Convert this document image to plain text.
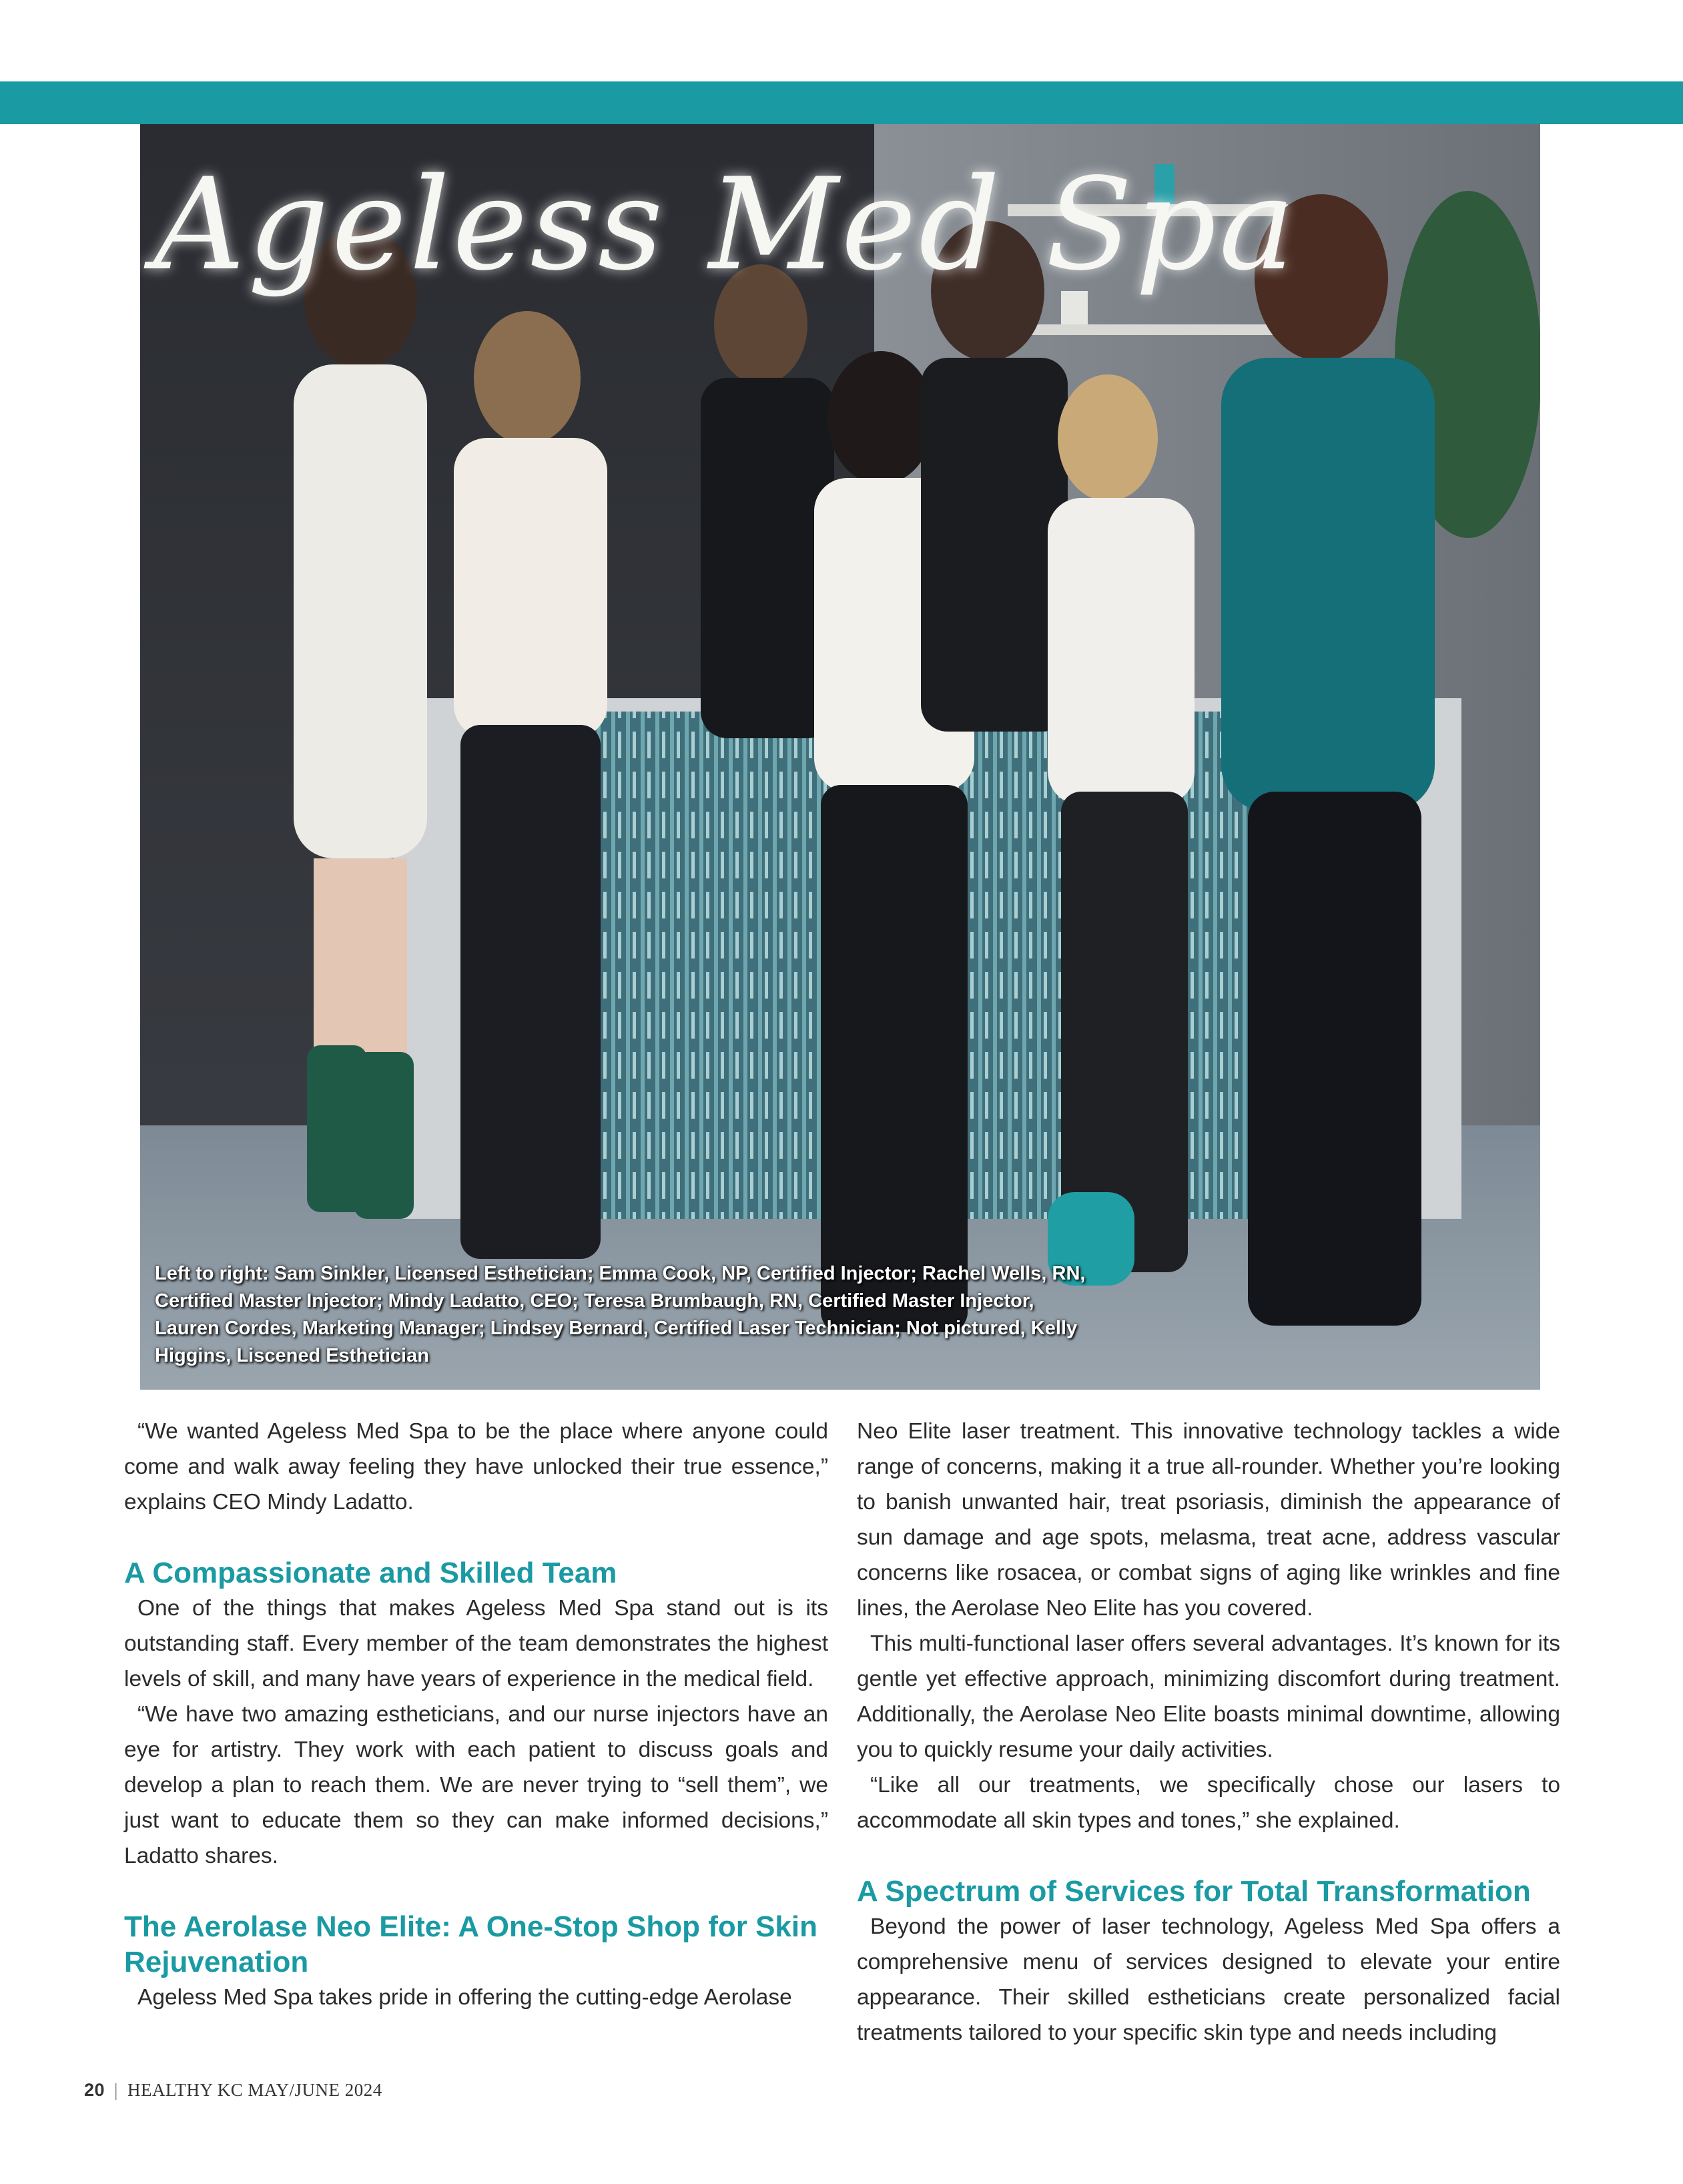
Ageless Med Spa
Left to right: Sam Sinkler, Licensed Esthetician; Emma Cook, NP, Certified Injector; Rachel Wells, RN, Certified Master Injector; Mindy Ladatto, CEO; Teresa Brumbaugh, RN, Certified Master Injector, Lauren Cordes, Marketing Manager; Lindsey Bernard, Certified Laser Technician; Not pictured, Kelly Higgins, Liscened Esthetician

“We wanted Ageless Med Spa to be the place where anyone could come and walk away feeling they have unlocked their true essence,” explains CEO Mindy Ladatto.

A Compassionate and Skilled Team

One of the things that makes Ageless Med Spa stand out is its outstanding staff. Every member of the team demonstrates the highest levels of skill, and many have years of experience in the medical field.

“We have two amazing estheticians, and our nurse injectors have an eye for artistry. They work with each patient to discuss goals and develop a plan to reach them. We are never trying to “sell them”, we just want to educate them so they can make informed decisions,” Ladatto shares.

The Aerolase Neo Elite: A One-Stop Shop for Skin Rejuvenation

Ageless Med Spa takes pride in offering the cutting-edge Aerolase

Neo Elite laser treatment. This innovative technology tackles a wide range of concerns, making it a true all-rounder. Whether you’re looking to banish unwanted hair, treat psoriasis, diminish the appearance of sun damage and age spots, melasma, treat acne, address vascular concerns like rosacea, or combat signs of aging like wrinkles and fine lines, the Aerolase Neo Elite has you covered.

This multi-functional laser offers several advantages. It’s known for its gentle yet effective approach, minimizing discomfort during treatment. Additionally, the Aerolase Neo Elite boasts minimal downtime, allowing you to quickly resume your daily activities.

“Like all our treatments, we specifically chose our lasers to accommodate all skin types and tones,” she explained.

A Spectrum of Services for Total Transformation

Beyond the power of laser technology, Ageless Med Spa offers a comprehensive menu of services designed to elevate your entire appearance. Their skilled estheticians create personalized facial treatments tailored to your specific skin type and needs including

20 | HEALTHY KC MAY/JUNE 2024
